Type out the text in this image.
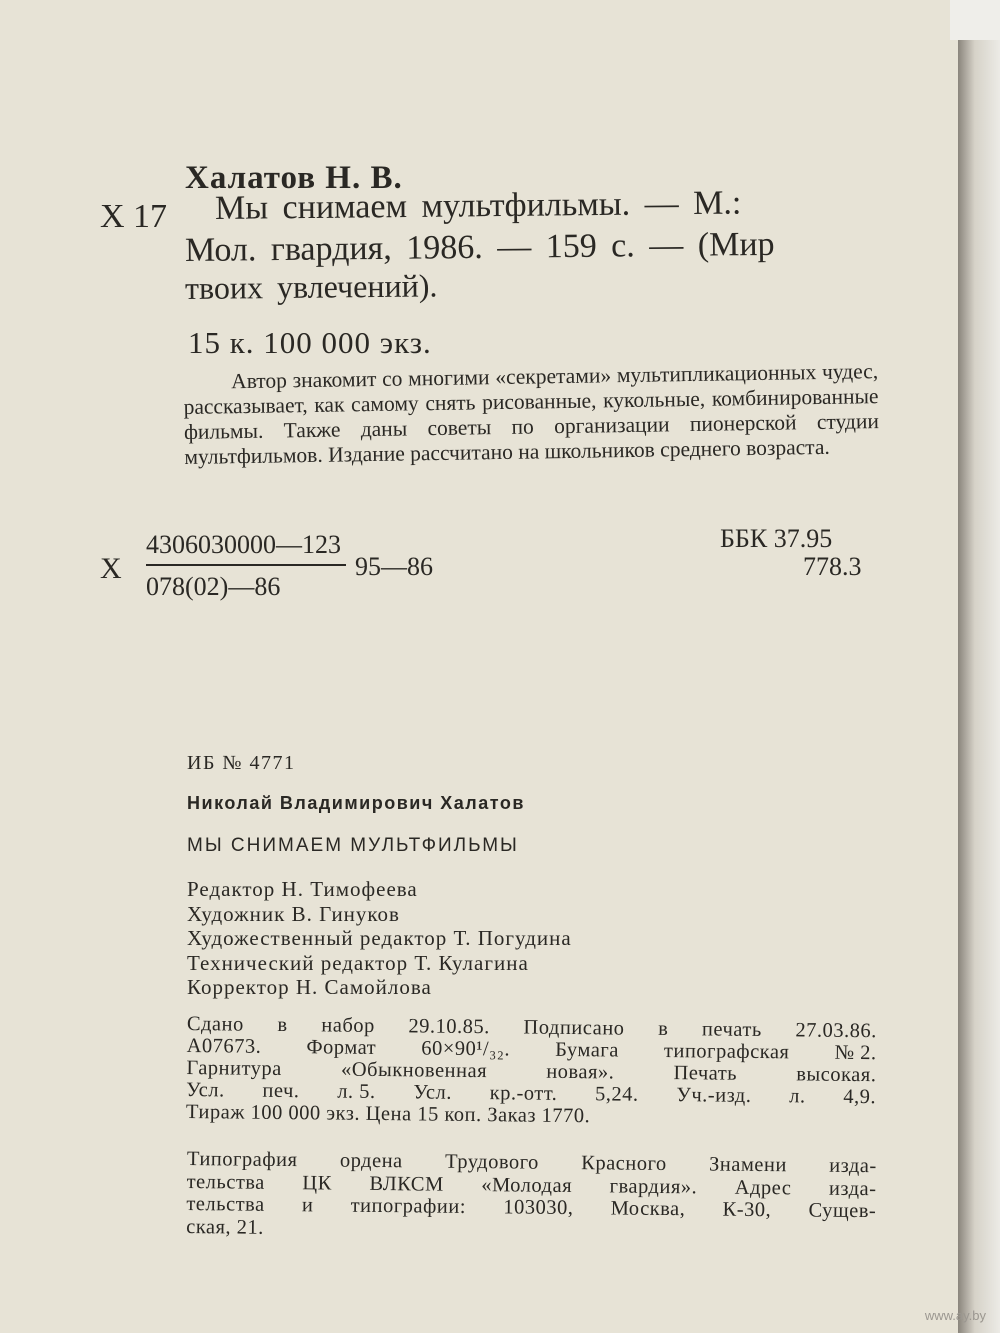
Халатов Н. В.
Х 17 Мы снимаем мультфильмы. — М.:
Мол. гвардия, 1986. — 159 с. — (Мир
твоих увлечений).
15 к. 100 000 экз.

Автор знакомит со многими «секретами» мультипликационных чудес, рассказывает, как самому снять рисованные, кукольные, комбинированные фильмы. Также даны советы по организации пионерской студии мультфильмов. Издание рассчитано на школьников среднего возраста.

Х
4306030000—123
078(02)—86
95—86
ББК 37.95
778.3
ИБ № 4771
Николай Владимирович Халатов
МЫ СНИМАЕМ МУЛЬТФИЛЬМЫ
Редактор Н. Тимофеева
Художник В. Гинуков
Художественный редактор Т. Погудина
Технический редактор Т. Кулагина
Корректор Н. Самойлова
Сдано в набор 29.10.85. Подписано в печать 27.03.86.
А07673. Формат 60×90¹/₃₂. Бумага типографская № 2.
Гарнитура	«Обыкновенная	новая».	Печать	высокая.
Усл. печ. л. 5. Усл. кр.-отт. 5,24. Уч.-изд. л. 4,9.
Тираж 100 000 экз. Цена 15 коп. Заказ 1770.
Типография ордена Трудового Красного Знамени изда-
тельства ЦК ВЛКСМ «Молодая гвардия». Адрес изда-
тельства и типографии: 103030, Москва, К-30, Сущев-
ская, 21.
www.ay.by
